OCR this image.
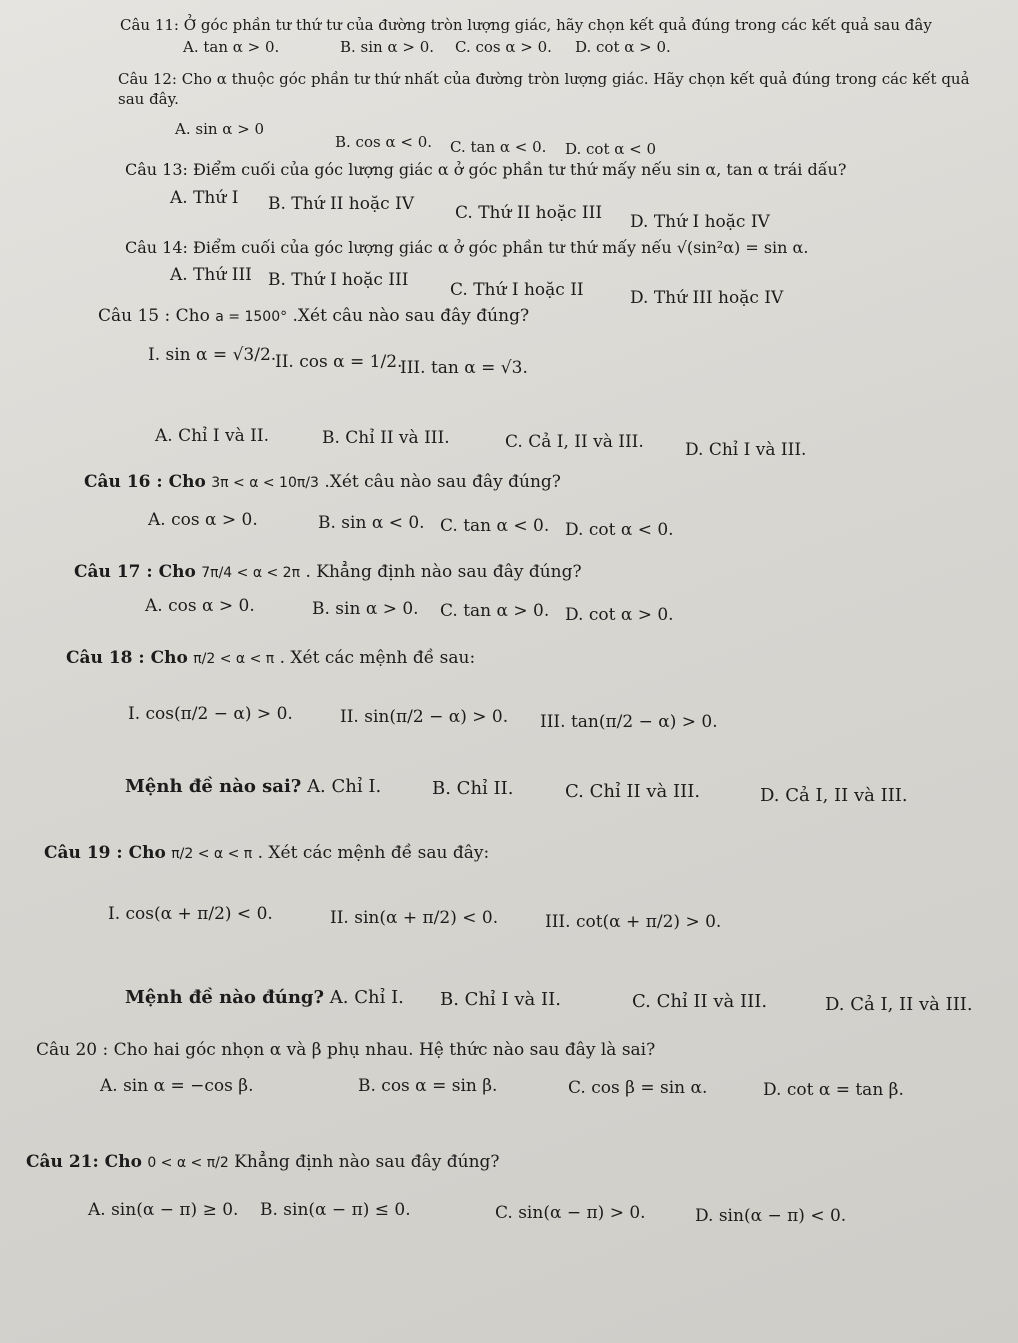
Câu 11: Ở góc phần tư thứ tư của đường tròn lượng giác, hãy chọn kết quả đúng trong các kết quả sau đây
A. tan α > 0.	B. sin α > 0. C. cos α > 0. D. cot α > 0.
Câu 12: Cho α thuộc góc phần tư thứ nhất của đường tròn lượng giác. Hãy chọn kết quả đúng trong các kết quả
sau đây.
A. sin α > 0
B. cos α < 0. C. tan α < 0. D. cot α < 0
Câu 13: Điểm cuối của góc lượng giác α ở góc phần tư thứ mấy nếu sin α, tan α trái dấu?
A. Thứ I B. Thứ II hoặc IV C. Thứ II hoặc III D. Thứ I hoặc IV
Câu 14: Điểm cuối của góc lượng giác α ở góc phần tư thứ mấy nếu √(sin²α) = sin α.
A. Thứ III B. Thứ I hoặc III C. Thứ I hoặc II	D. Thứ III hoặc IV
Câu 15 : Cho a = 1500° .Xét câu nào sau đây đúng?
I. sin α = √3/2.
II. cos α = 1/2.
III. tan α = √3.
A. Chỉ I và II.	B. Chỉ II và III.	C. Cả I, II và III. D. Chỉ I và III.
Câu 16 : Cho 3π < α < 10π/3 .Xét câu nào sau đây đúng?
A. cos α > 0.	B. sin α < 0. C. tan α < 0. D. cot α < 0.
Câu 17 : Cho 7π/4 < α < 2π . Khẳng định nào sau đây đúng?
A. cos α > 0.	B. sin α > 0. C. tan α > 0. D. cot α > 0.
Câu 18 : Cho π/2 < α < π . Xét các mệnh đề sau:
I. cos(π/2 − α) > 0.	II. sin(π/2 − α) > 0. III. tan(π/2 − α) > 0.
Mệnh đề nào sai? A. Chỉ I.	B. Chỉ II.	C. Chỉ II và III.	D. Cả I, II và III.
Câu 19 : Cho π/2 < α < π . Xét các mệnh đề sau đây:
I. cos(α + π/2) < 0.	II. sin(α + π/2) < 0.	III. cot(α + π/2) > 0.
Mệnh đề nào đúng? A. Chỉ I. B. Chỉ I và II.	C. Chỉ II và III.	D. Cả I, II và III.
Câu 20 : Cho hai góc nhọn α và β phụ nhau. Hệ thức nào sau đây là sai?
A. sin α = −cos β.	B. cos α = sin β.	C. cos β = sin α.	D. cot α = tan β.
Câu 21: Cho 0 < α < π/2 Khẳng định nào sau đây đúng?
A. sin(α − π) ≥ 0. B. sin(α − π) ≤ 0.	C. sin(α − π) > 0.	D. sin(α − π) < 0.
